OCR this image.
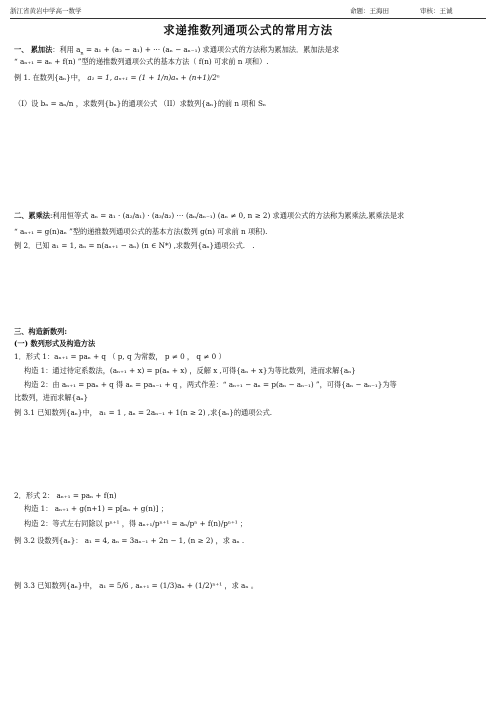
浙江省黄岩中学高一数学	命题：王海田	审核：王诚
求递推数列通项公式的常用方法
一、 累加法：利用 $a_n = a_1 + (a_2 - a_1)$ + ⋯ (aₙ − aₙ₋₁) 求通项公式的方法称为累加法．累加法是求
“ aₙ₊₁ = aₙ + f(n) ”型的递推数列通项公式的基本方法（ f(n) 可求前 n 项和）.
例 1. 在数列{aₙ}中， a₁ = 1, aₙ₊₁ = (1 + 1/n)aₙ + (n+1)/2ⁿ
（I）设 bₙ = aₙ/n ，求数列{bₙ}的通项公式 （II）求数列{aₙ}的前 n 项和 Sₙ
二、累乘法:利用恒等式 aₙ = a₁ · (a₂/a₁) · (a₃/a₂) ⋯ (aₙ/aₙ₋₁) (aₙ ≠ 0, n ≥ 2) 求通项公式的方法称为累乘法,累乘法是求
“ aₙ₊₁ = g(n)aₙ ”型的递推数列通项公式的基本方法(数列 g(n) 可求前 n 项积).
例 2．已知 a₁ = 1, aₙ = n(aₙ₊₁ − aₙ) (n ∈ N*) ,求数列{aₙ}通项公式.　.
三、构造新数列:
(一) 数列形式及构造方法
1．形式 1：aₙ₊₁ = paₙ + q （ p, q 为常数， p ≠ 0 ， q ≠ 0 ）
构造 1：通过待定系数法，(aₙ₊₁ + x) = p(aₙ + x) ，反解 x ,可得{aₙ + x}为等比数列，进而求解{aₙ}
构造 2：由 aₙ₊₁ = paₙ + q 得 aₙ = paₙ₋₁ + q ，两式作差：“ aₙ₊₁ − aₙ = p(aₙ − aₙ₋₁) ”，可得{aₙ − aₙ₋₁}为等
比数列，进而求解{aₙ}
例 3.1 已知数列{aₙ}中， a₁ = 1 , aₙ = 2aₙ₋₁ + 1(n ≥ 2) ,求{aₙ}的通项公式.
2．形式 2： aₙ₊₁ = paₙ + f(n)
构造 1： aₙ₊₁ + g(n+1) = p[aₙ + g(n)] ；
构造 2：等式左右同除以 pⁿ⁺¹ ，得 aₙ₊₁/pⁿ⁺¹ = aₙ/pⁿ + f(n)/pⁿ⁺¹ ；
例 3.2 设数列{aₙ}： a₁ = 4, aₙ = 3aₙ₋₁ + 2n − 1, (n ≥ 2) ，求 aₙ .
例 3.3 已知数列{aₙ}中， a₁ = 5/6 , aₙ₊₁ = (1/3)aₙ + (1/2)ⁿ⁺¹ ，求 aₙ 。
